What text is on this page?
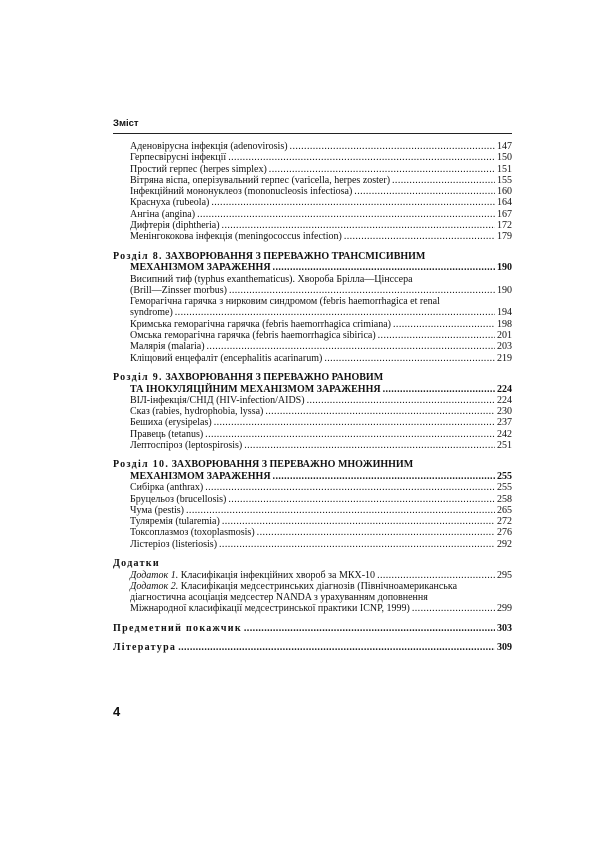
Зміст
Аденовірусна інфекція (adenovirosis) .....	147
Герпесвірусні інфекції .....	150
Простий герпес (herpes simplex) .....	151
Вітряна віспа, оперізувальний герпес (varicella, herpes zoster) .....	155
Інфекційний мононуклеоз (mononucleosis infectiosa) .....	160
Краснуха (rubeola) .....	164
Ангіна (angina) .....	167
Дифтерія (diphtheria) .....	172
Менінгококова інфекція (meningococcus infection) .....	179
Розділ 8. ЗАХВОРЮВАННЯ З ПЕРЕВАЖНО ТРАНСМІСИВНИМ
МЕХАНІЗМОМ ЗАРАЖЕННЯ .....	190
Висипний тиф (typhus exanthematicus). Хвороба Брілла—Цінссера
(Brill—Zinsser morbus) .....	190
Геморагічна гарячка з нирковим синдромом (febris haemorrhagica et renal
syndrome) .....	194
Кримська геморагічна гарячка (febris haemorrhagica crimiana) .....	198
Омська геморагічна гарячка (febris haemorrhagica sibirica) .....	201
Малярія (malaria) .....	203
Кліщовий енцефаліт (encephalitis acarinarum) .....	219
Розділ 9. ЗАХВОРЮВАННЯ З ПЕРЕВАЖНО РАНОВИМ
ТА ІНОКУЛЯЦІЙНИМ МЕХАНІЗМОМ ЗАРАЖЕННЯ .....	224
ВІЛ-інфекція/СНІД (HIV-infection/AIDS) .....	224
Сказ (rabies, hydrophobia, lyssa) .....	230
Бешиха (erysipelas) .....	237
Правець (tetanus) .....	242
Лептоспіроз (leptospirosis) .....	251
Розділ 10. ЗАХВОРЮВАННЯ З ПЕРЕВАЖНО МНОЖИННИМ
МЕХАНІЗМОМ ЗАРАЖЕННЯ .....	255
Сибірка (anthrax) .....	255
Бруцельоз (brucellosis) .....	258
Чума (pestis) .....	265
Туляремія (tularemia) .....	272
Токсоплазмоз (toxoplasmosis) .....	276
Лістеріоз (listeriosis) .....	292
Додатки
Додаток 1. Класифікація інфекційних хвороб за МКХ-10 .....	295
Додаток 2. Класифікація медсестринських діагнозів (Північноамериканська
діагностична асоціація медсестер NANDA з урахуванням доповнення
Міжнародної класифікації медсестринської практики ICNP, 1999) .....	299
Предметний покажчик .....	303
Література .....	309
4
